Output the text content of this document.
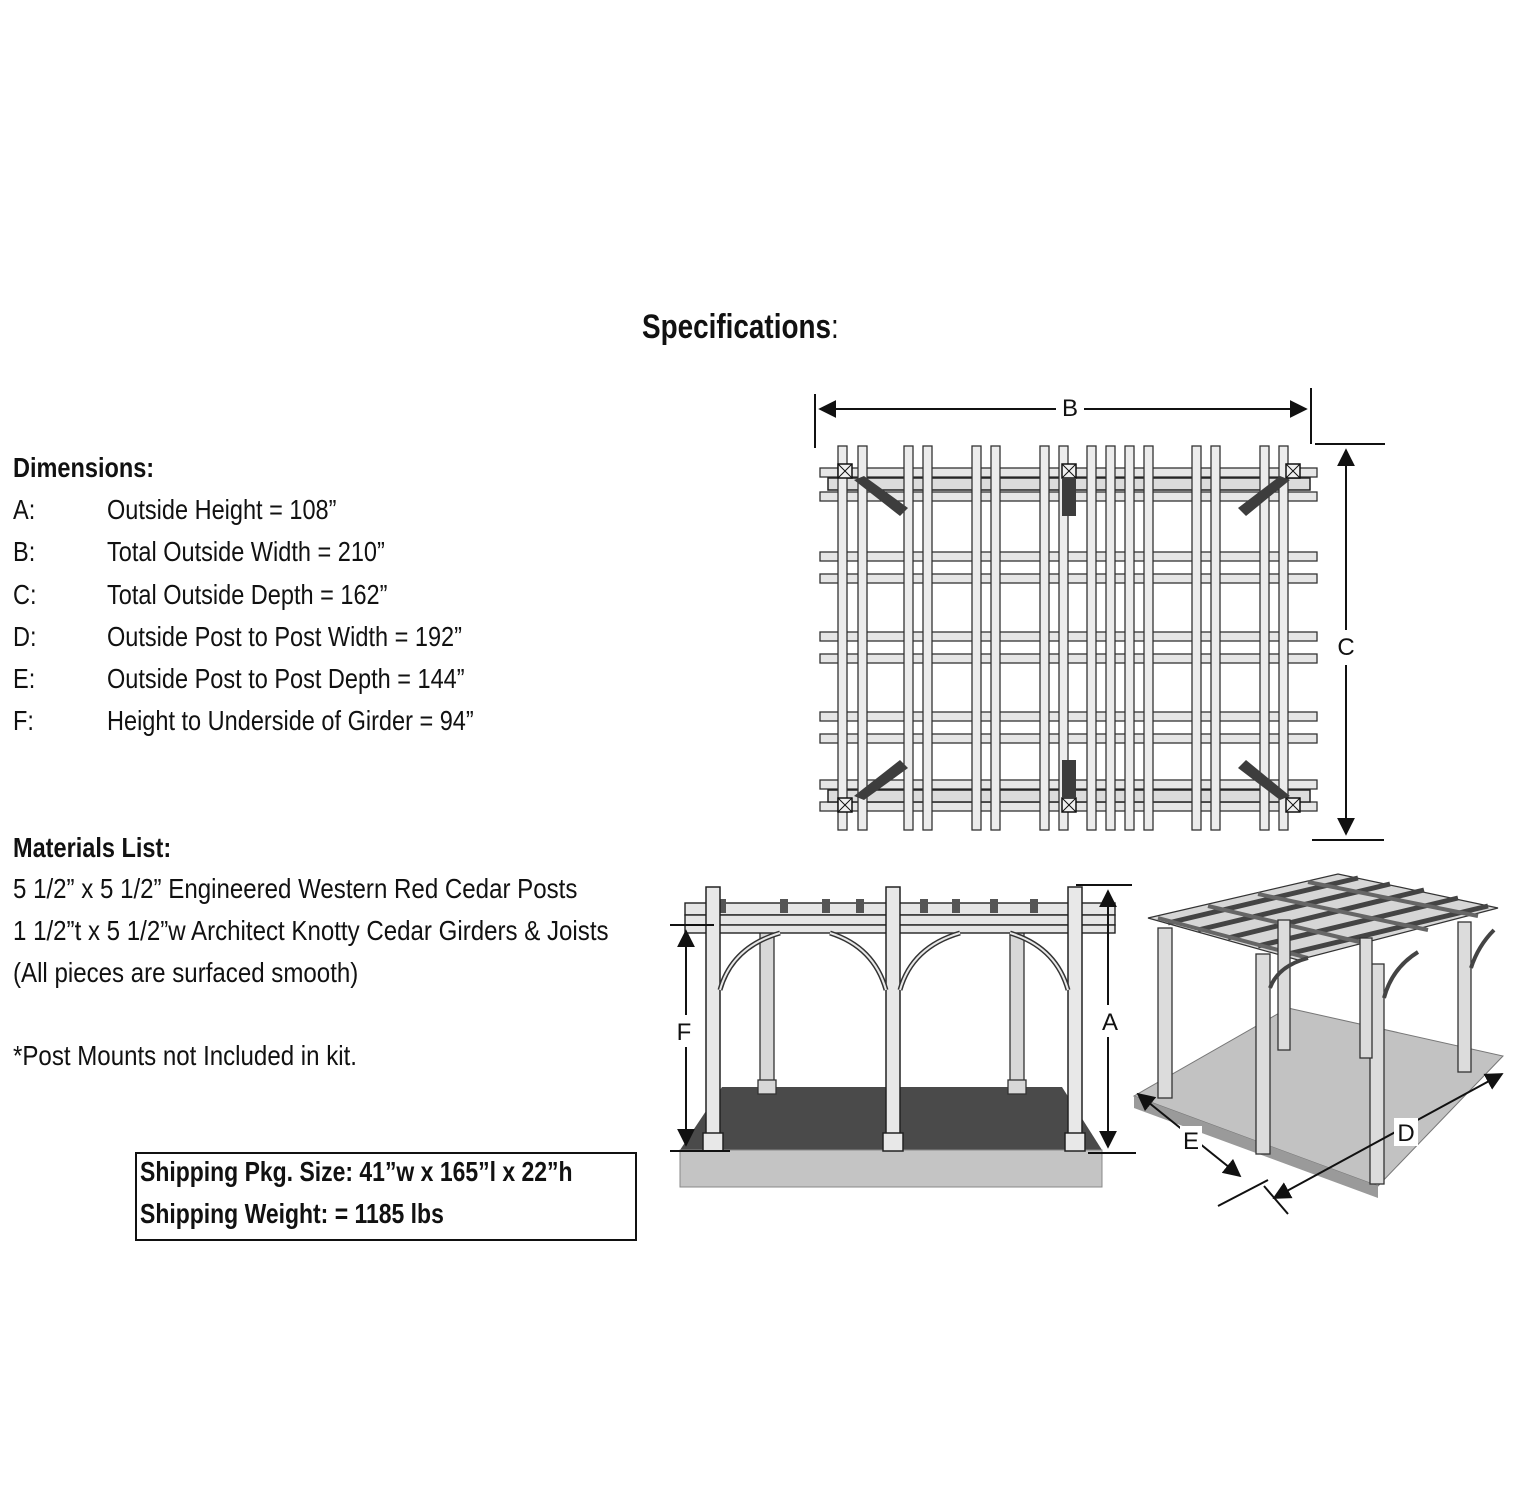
Specifications:
Dimensions:
A:	Outside Height = 108”
B:	Total Outside Width = 210”
C:	Total Outside Depth = 162”
D:	Outside Post to Post Width = 192”
E:	Outside Post to Post Depth = 144”
F:	Height to Underside of Girder = 94”
Materials List:
5 1/2” x 5 1/2” Engineered Western Red Cedar Posts
1 1/2”t x 5 1/2”w Architect Knotty Cedar Girders & Joists
(All pieces are surfaced smooth)
*Post Mounts not Included in kit.
Shipping Pkg. Size: 41”w x 165”l x 22”h
Shipping Weight: = 1185 lbs
B
C
F	A
E	D
